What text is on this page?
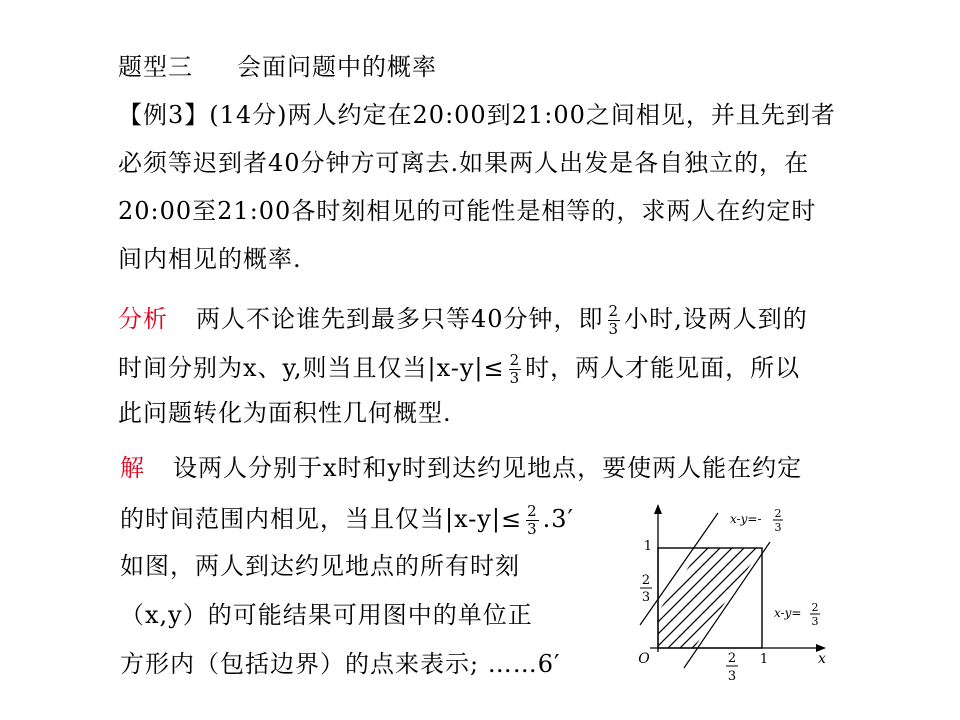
题型三 会面问题中的概率
【例3】(14分)两人约定在20:00到21:00之间相见，并且先到者
必须等迟到者40分钟方可离去.如果两人出发是各自独立的，在
20:00至21:00各时刻相见的可能性是相等的，求两人在约定时
间内相见的概率.
分析 两人不论谁先到最多只等40分钟，即 $\frac{2}{3}$ 小时,设两人到的
时间分别为x、y,则当且仅当$|x-y|\le \frac{2}{3}$ 时，两人才能见面，所以
此问题转化为面积性几何概型.
解 设两人分别于x时和y时到达约见地点，要使两人能在约定
的时间范围内相见，当且仅当$|x-y|\le \frac{2}{3} .3'$
如图，两人到达约见地点的所有时刻
（x,y）的可能结果可用图中的单位正
方形内（包括边界）的点来表示; ……6′
1
2
3
O	x
2
3
1
x-y=- 2
3
x-y= 2
3
